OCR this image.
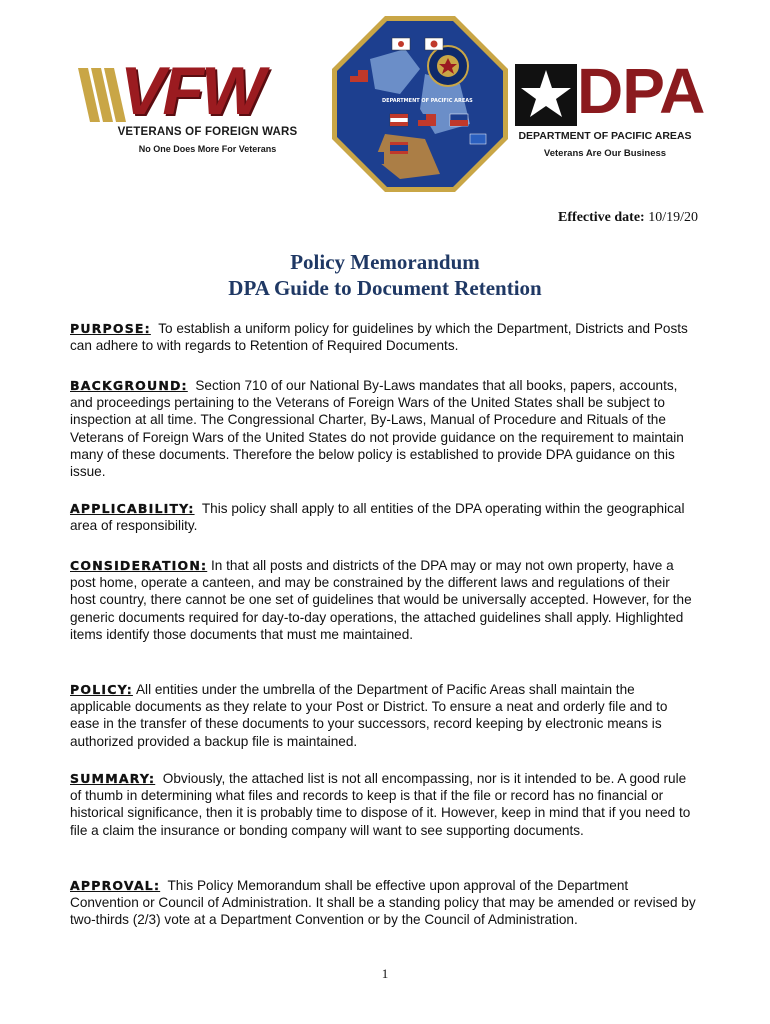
VFW
VETERANS OF FOREIGN WARS
No One Does More For Veterans
DEPARTMENT OF PACIFIC AREAS DPA
DEPARTMENT OF PACIFIC AREAS
Veterans Are Our Business
Effective date: 10/19/20
Policy Memorandum
DPA Guide to Document Retention
PURPOSE: To establish a uniform policy for guidelines by which the Department, Districts and Posts can adhere to with regards to Retention of Required Documents.
BACKGROUND: Section 710 of our National By-Laws mandates that all books, papers, accounts, and proceedings pertaining to the Veterans of Foreign Wars of the United States shall be subject to inspection at all time. The Congressional Charter, By-Laws, Manual of Procedure and Rituals of the Veterans of Foreign Wars of the United States do not provide guidance on the requirement to maintain many of these documents. Therefore the below policy is established to provide DPA guidance on this issue.
APPLICABILITY: This policy shall apply to all entities of the DPA operating within the geographical area of responsibility.
CONSIDERATION: In that all posts and districts of the DPA may or may not own property, have a post home, operate a canteen, and may be constrained by the different laws and regulations of their host country, there cannot be one set of guidelines that would be universally accepted. However, for the generic documents required for day-to-day operations, the attached guidelines shall apply. Highlighted items identify those documents that must me maintained.
POLICY: All entities under the umbrella of the Department of Pacific Areas shall maintain the applicable documents as they relate to your Post or District. To ensure a neat and orderly file and to ease in the transfer of these documents to your successors, record keeping by electronic means is authorized provided a backup file is maintained.
SUMMARY: Obviously, the attached list is not all encompassing, nor is it intended to be. A good rule of thumb in determining what files and records to keep is that if the file or record has no financial or historical significance, then it is probably time to dispose of it. However, keep in mind that if you need to file a claim the insurance or bonding company will want to see supporting documents.
APPROVAL: This Policy Memorandum shall be effective upon approval of the Department Convention or Council of Administration. It shall be a standing policy that may be amended or revised by two-thirds (2/3) vote at a Department Convention or by the Council of Administration.
1
